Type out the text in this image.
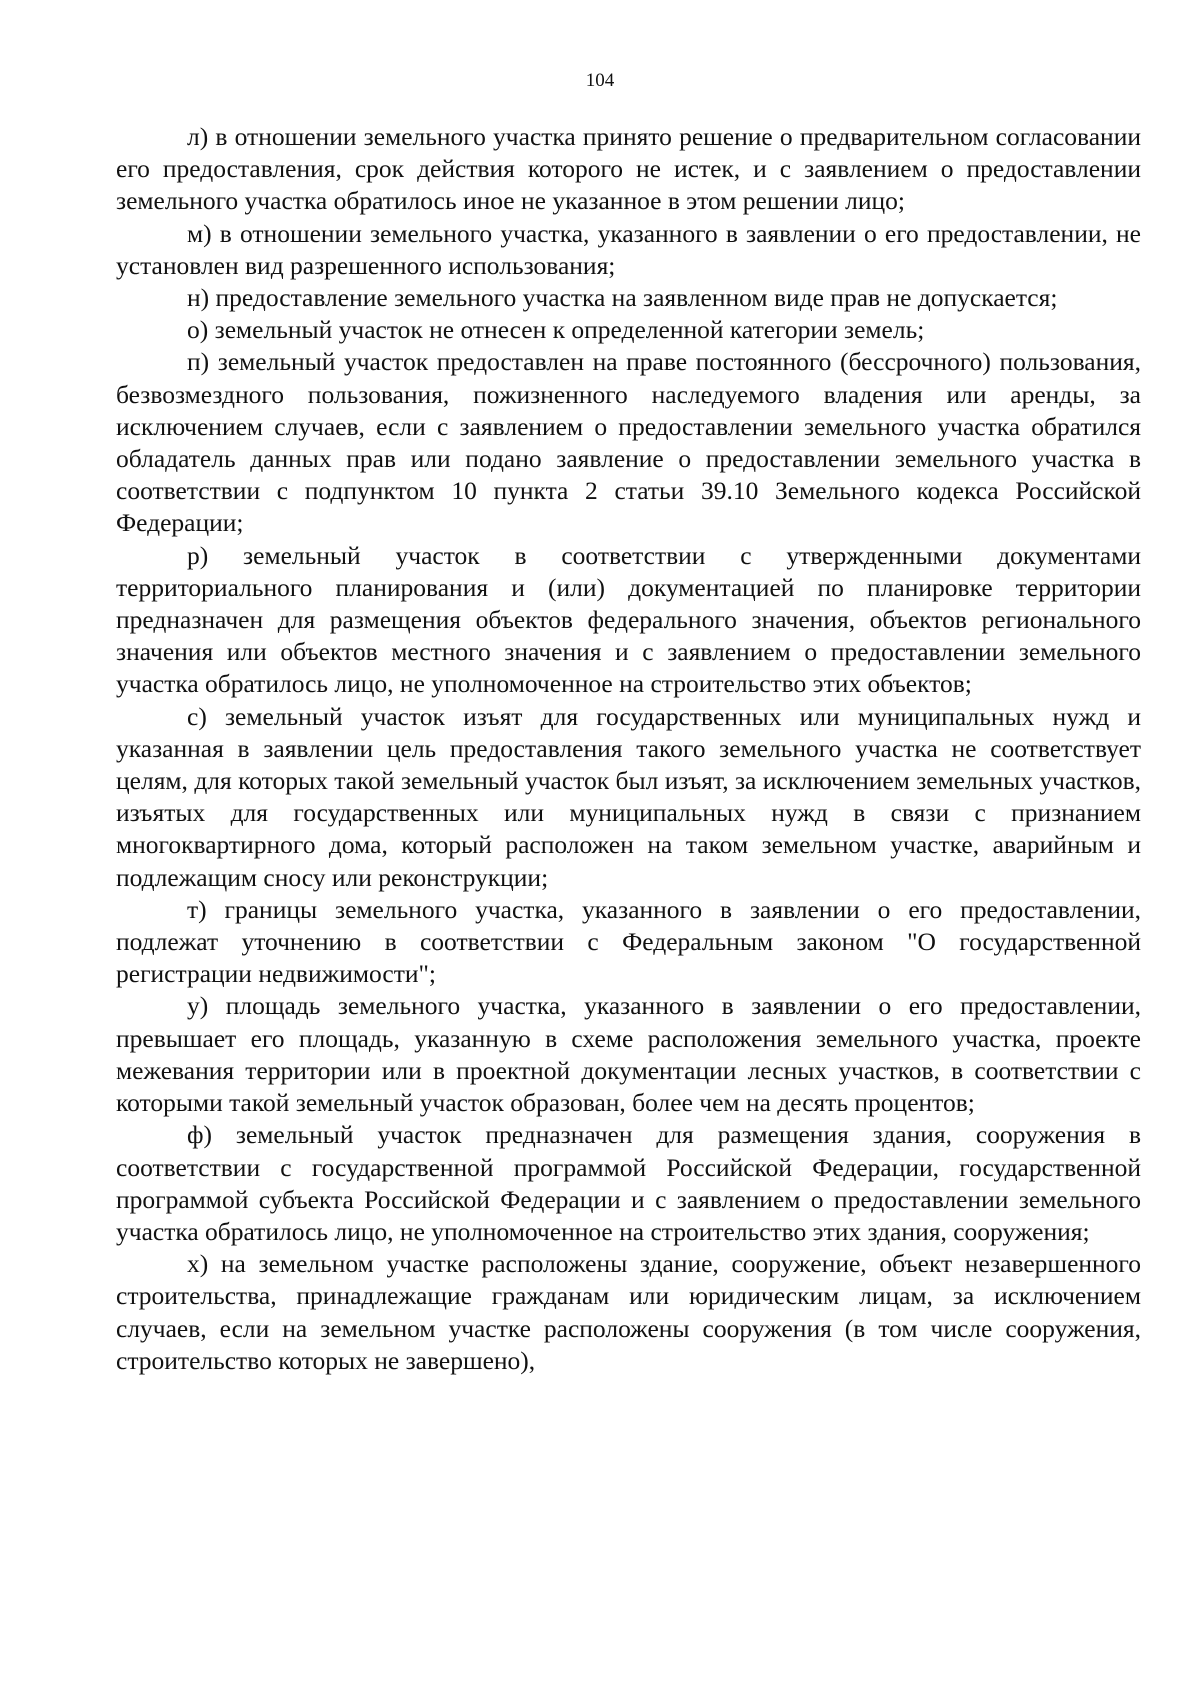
104

л) в отношении земельного участка принято решение о предварительном согласовании его предоставления, срок действия которого не истек, и с заявлением о предоставлении земельного участка обратилось иное не указанное в этом решении лицо;

м) в отношении земельного участка, указанного в заявлении о его предоставлении, не установлен вид разрешенного использования;

н) предоставление земельного участка на заявленном виде прав не допускается;

о) земельный участок не отнесен к определенной категории земель;

п) земельный участок предоставлен на праве постоянного (бессрочного) пользования, безвозмездного пользования, пожизненного наследуемого владения или аренды, за исключением случаев, если с заявлением о предоставлении земельного участка обратился обладатель данных прав или подано заявление о предоставлении земельного участка в соответствии с подпунктом 10 пункта 2 статьи 39.10 Земельного кодекса Российской Федерации;

р) земельный участок в соответствии с утвержденными документами территориального планирования и (или) документацией по планировке территории предназначен для размещения объектов федерального значения, объектов регионального значения или объектов местного значения и с заявлением о предоставлении земельного участка обратилось лицо, не уполномоченное на строительство этих объектов;

с) земельный участок изъят для государственных или муниципальных нужд и указанная в заявлении цель предоставления такого земельного участка не соответствует целям, для которых такой земельный участок был изъят, за исключением земельных участков, изъятых для государственных или муниципальных нужд в связи с признанием многоквартирного дома, который расположен на таком земельном участке, аварийным и подлежащим сносу или реконструкции;

т) границы земельного участка, указанного в заявлении о его предоставлении, подлежат уточнению в соответствии с Федеральным законом "О государственной регистрации недвижимости";

у) площадь земельного участка, указанного в заявлении о его предоставлении, превышает его площадь, указанную в схеме расположения земельного участка, проекте межевания территории или в проектной документации лесных участков, в соответствии с которыми такой земельный участок образован, более чем на десять процентов;

ф) земельный участок предназначен для размещения здания, сооружения в соответствии с государственной программой Российской Федерации, государственной программой субъекта Российской Федерации и с заявлением о предоставлении земельного участка обратилось лицо, не уполномоченное на строительство этих здания, сооружения;

х) на земельном участке расположены здание, сооружение, объект незавершенного строительства, принадлежащие гражданам или юридическим лицам, за исключением случаев, если на земельном участке расположены сооружения (в том числе сооружения, строительство которых не завершено),
